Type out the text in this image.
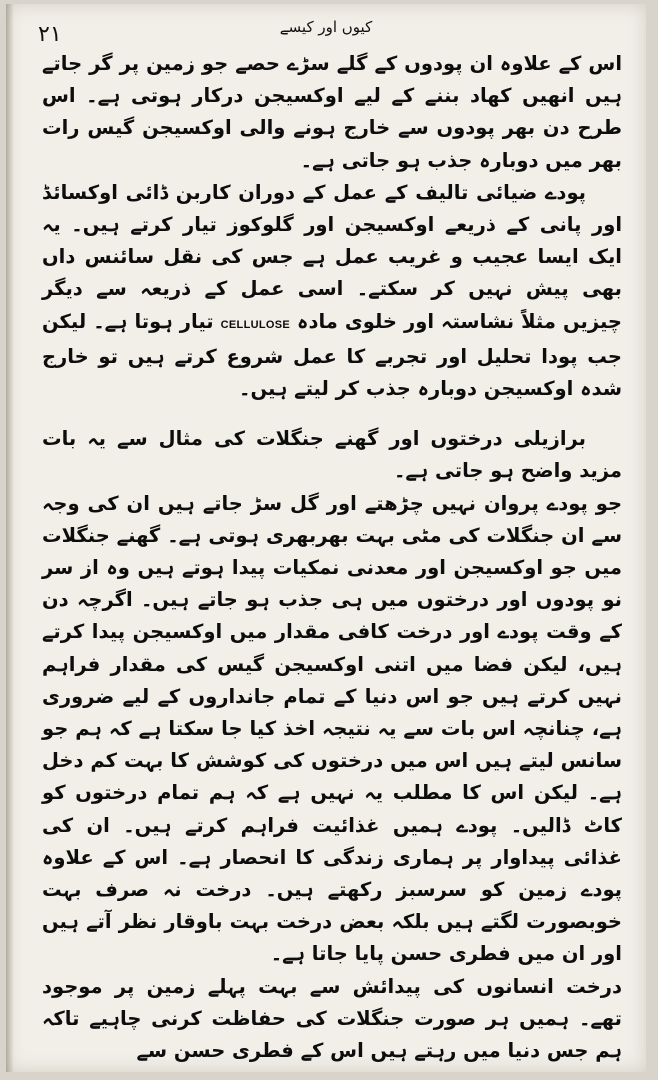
۲۱	کیوں اور کیسے

اس کے علاوہ ان پودوں کے گلے سڑے حصے جو زمین پر گر جاتے ہیں انھیں کھاد بننے کے لیے اوکسیجن درکار ہوتی ہے۔ اس طرح دن بھر پودوں سے خارج ہونے والی اوکسیجن گیس رات بھر میں دوبارہ جذب ہو جاتی ہے۔

پودے ضیائی تالیف کے عمل کے دوران کاربن ڈائی اوکسائڈ اور پانی کے ذریعے اوکسیجن اور گلوکوز تیار کرتے ہیں۔ یہ ایک ایسا عجیب و غریب عمل ہے جس کی نقل سائنس داں بھی پیش نہیں کر سکتے۔ اسی عمل کے ذریعہ سے دیگر چیزیں مثلاً نشاستہ اور خلوی مادہ CELLULOSE تیار ہوتا ہے۔ لیکن جب پودا تحلیل اور تجربے کا عمل شروع کرتے ہیں تو خارج شدہ اوکسیجن دوبارہ جذب کر لیتے ہیں۔

برازیلی درختوں اور گھنے جنگلات کی مثال سے یہ بات مزید واضح ہو جاتی ہے۔

جو پودے پروان نہیں چڑھتے اور گل سڑ جاتے ہیں ان کی وجہ سے ان جنگلات کی مٹی بہت بھربھری ہوتی ہے۔ گھنے جنگلات میں جو اوکسیجن اور معدنی نمکیات پیدا ہوتے ہیں وہ از سر نو پودوں اور درختوں میں ہی جذب ہو جاتے ہیں۔ اگرچہ دن کے وقت پودے اور درخت کافی مقدار میں اوکسیجن پیدا کرتے ہیں، لیکن فضا میں اتنی اوکسیجن گیس کی مقدار فراہم نہیں کرتے ہیں جو اس دنیا کے تمام جانداروں کے لیے ضروری ہے، چنانچہ اس بات سے یہ نتیجہ اخذ کیا جا سکتا ہے کہ ہم جو سانس لیتے ہیں اس میں درختوں کی کوشش کا بہت کم دخل ہے۔ لیکن اس کا مطلب یہ نہیں ہے کہ ہم تمام درختوں کو کاٹ ڈالیں۔ پودے ہمیں غذائیت فراہم کرتے ہیں۔ ان کی غذائی پیداوار پر ہماری زندگی کا انحصار ہے۔ اس کے علاوہ پودے زمین کو سرسبز رکھتے ہیں۔ درخت نہ صرف بہت خوبصورت لگتے ہیں بلکہ بعض درخت بہت باوقار نظر آتے ہیں اور ان میں فطری حسن پایا جاتا ہے۔

درخت انسانوں کی پیدائش سے بہت پہلے زمین پر موجود تھے۔ ہمیں ہر صورت جنگلات کی حفاظت کرنی چاہیے تاکہ ہم جس دنیا میں رہتے ہیں اس کے فطری حسن سے
